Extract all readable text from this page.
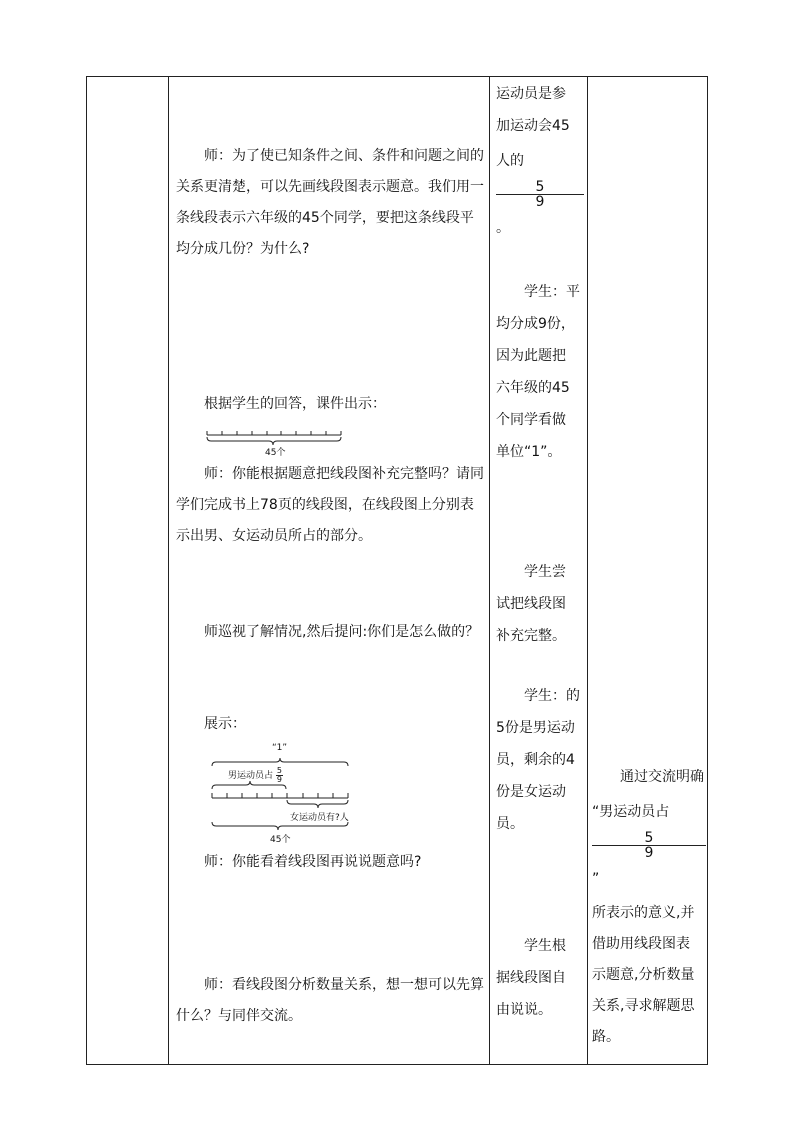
师：为了使已知条件之间、条件和问题之间的
关系更清楚，可以先画线段图表示题意。我们用一
条线段表示六年级的45个同学，要把这条线段平
均分成几份？为什么?
根据学生的回答，课件出示：
45个
师：你能根据题意把线段图补充完整吗？请同
学们完成书上78页的线段图，在线段图上分别表
示出男、女运动员所占的部分。
师巡视了解情况,然后提问:你们是怎么做的？
展示：
“1”
男运动员占 $\frac{5}{9}$
女运动员有?人
45个
师：你能看着线段图再说说题意吗?
师：看线段图分析数量关系，想一想可以先算
什么？与同伴交流。
运动员是参
加运动会45
人的
5
9
。
学生：平
均分成9份，
因为此题把
六年级的45
个同学看做
单位“1”。
学生尝
试把线段图
补充完整。
学生：的
5份是男运动
员，剩余的4
份是女运动
员。
学生根
据线段图自
由说说。
通过交流明确
“男运动员占
5
9
”
所表示的意义,并
借助用线段图表
示题意,分析数量
关系,寻求解题思
路。
